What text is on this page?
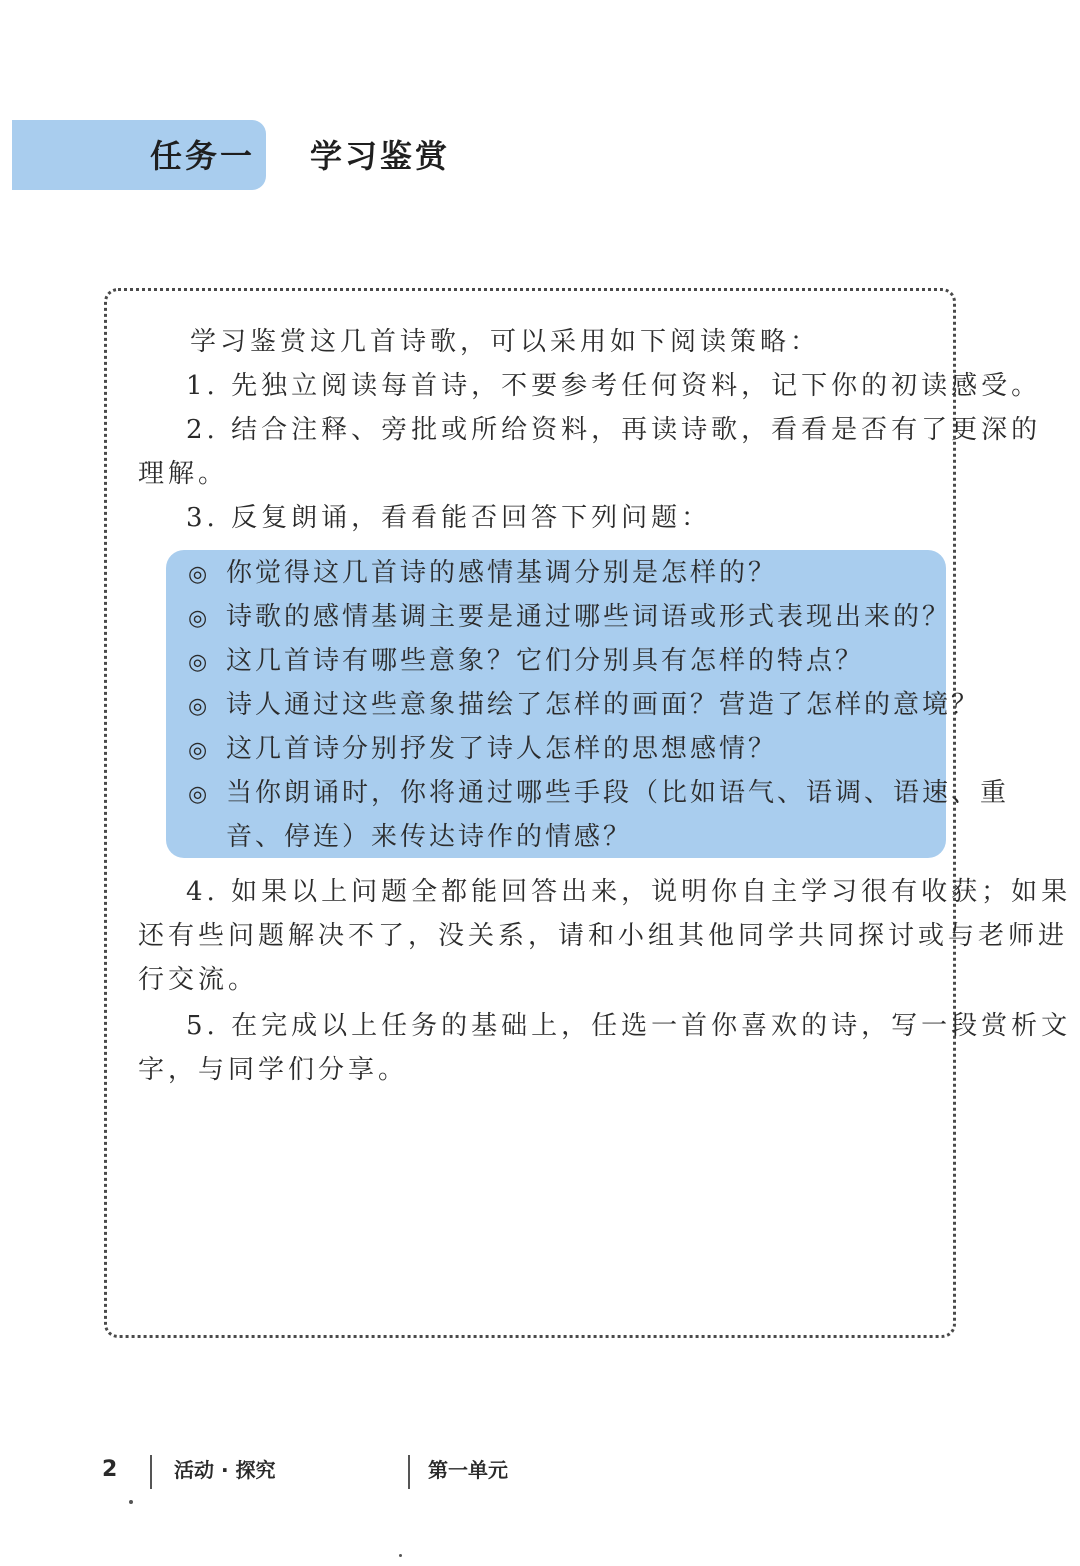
任务一 学习鉴赏
学习鉴赏这几首诗歌，可以采用如下阅读策略：
1. 先独立阅读每首诗，不要参考任何资料，记下你的初读感受。
2. 结合注释、旁批或所给资料，再读诗歌，看看是否有了更深的
理解。
3. 反复朗诵，看看能否回答下列问题：
◎ 你觉得这几首诗的感情基调分别是怎样的？
◎ 诗歌的感情基调主要是通过哪些词语或形式表现出来的？
◎ 这几首诗有哪些意象？它们分别具有怎样的特点？
◎ 诗人通过这些意象描绘了怎样的画面？营造了怎样的意境？
◎ 这几首诗分别抒发了诗人怎样的思想感情？
◎ 当你朗诵时，你将通过哪些手段（比如语气、语调、语速、重
音、停连）来传达诗作的情感？
4. 如果以上问题全都能回答出来，说明你自主学习很有收获；如果
还有些问题解决不了，没关系，请和小组其他同学共同探讨或与老师进
行交流。
5. 在完成以上任务的基础上，任选一首你喜欢的诗，写一段赏析文
字，与同学们分享。
2	活动 · 探究	第一单元
